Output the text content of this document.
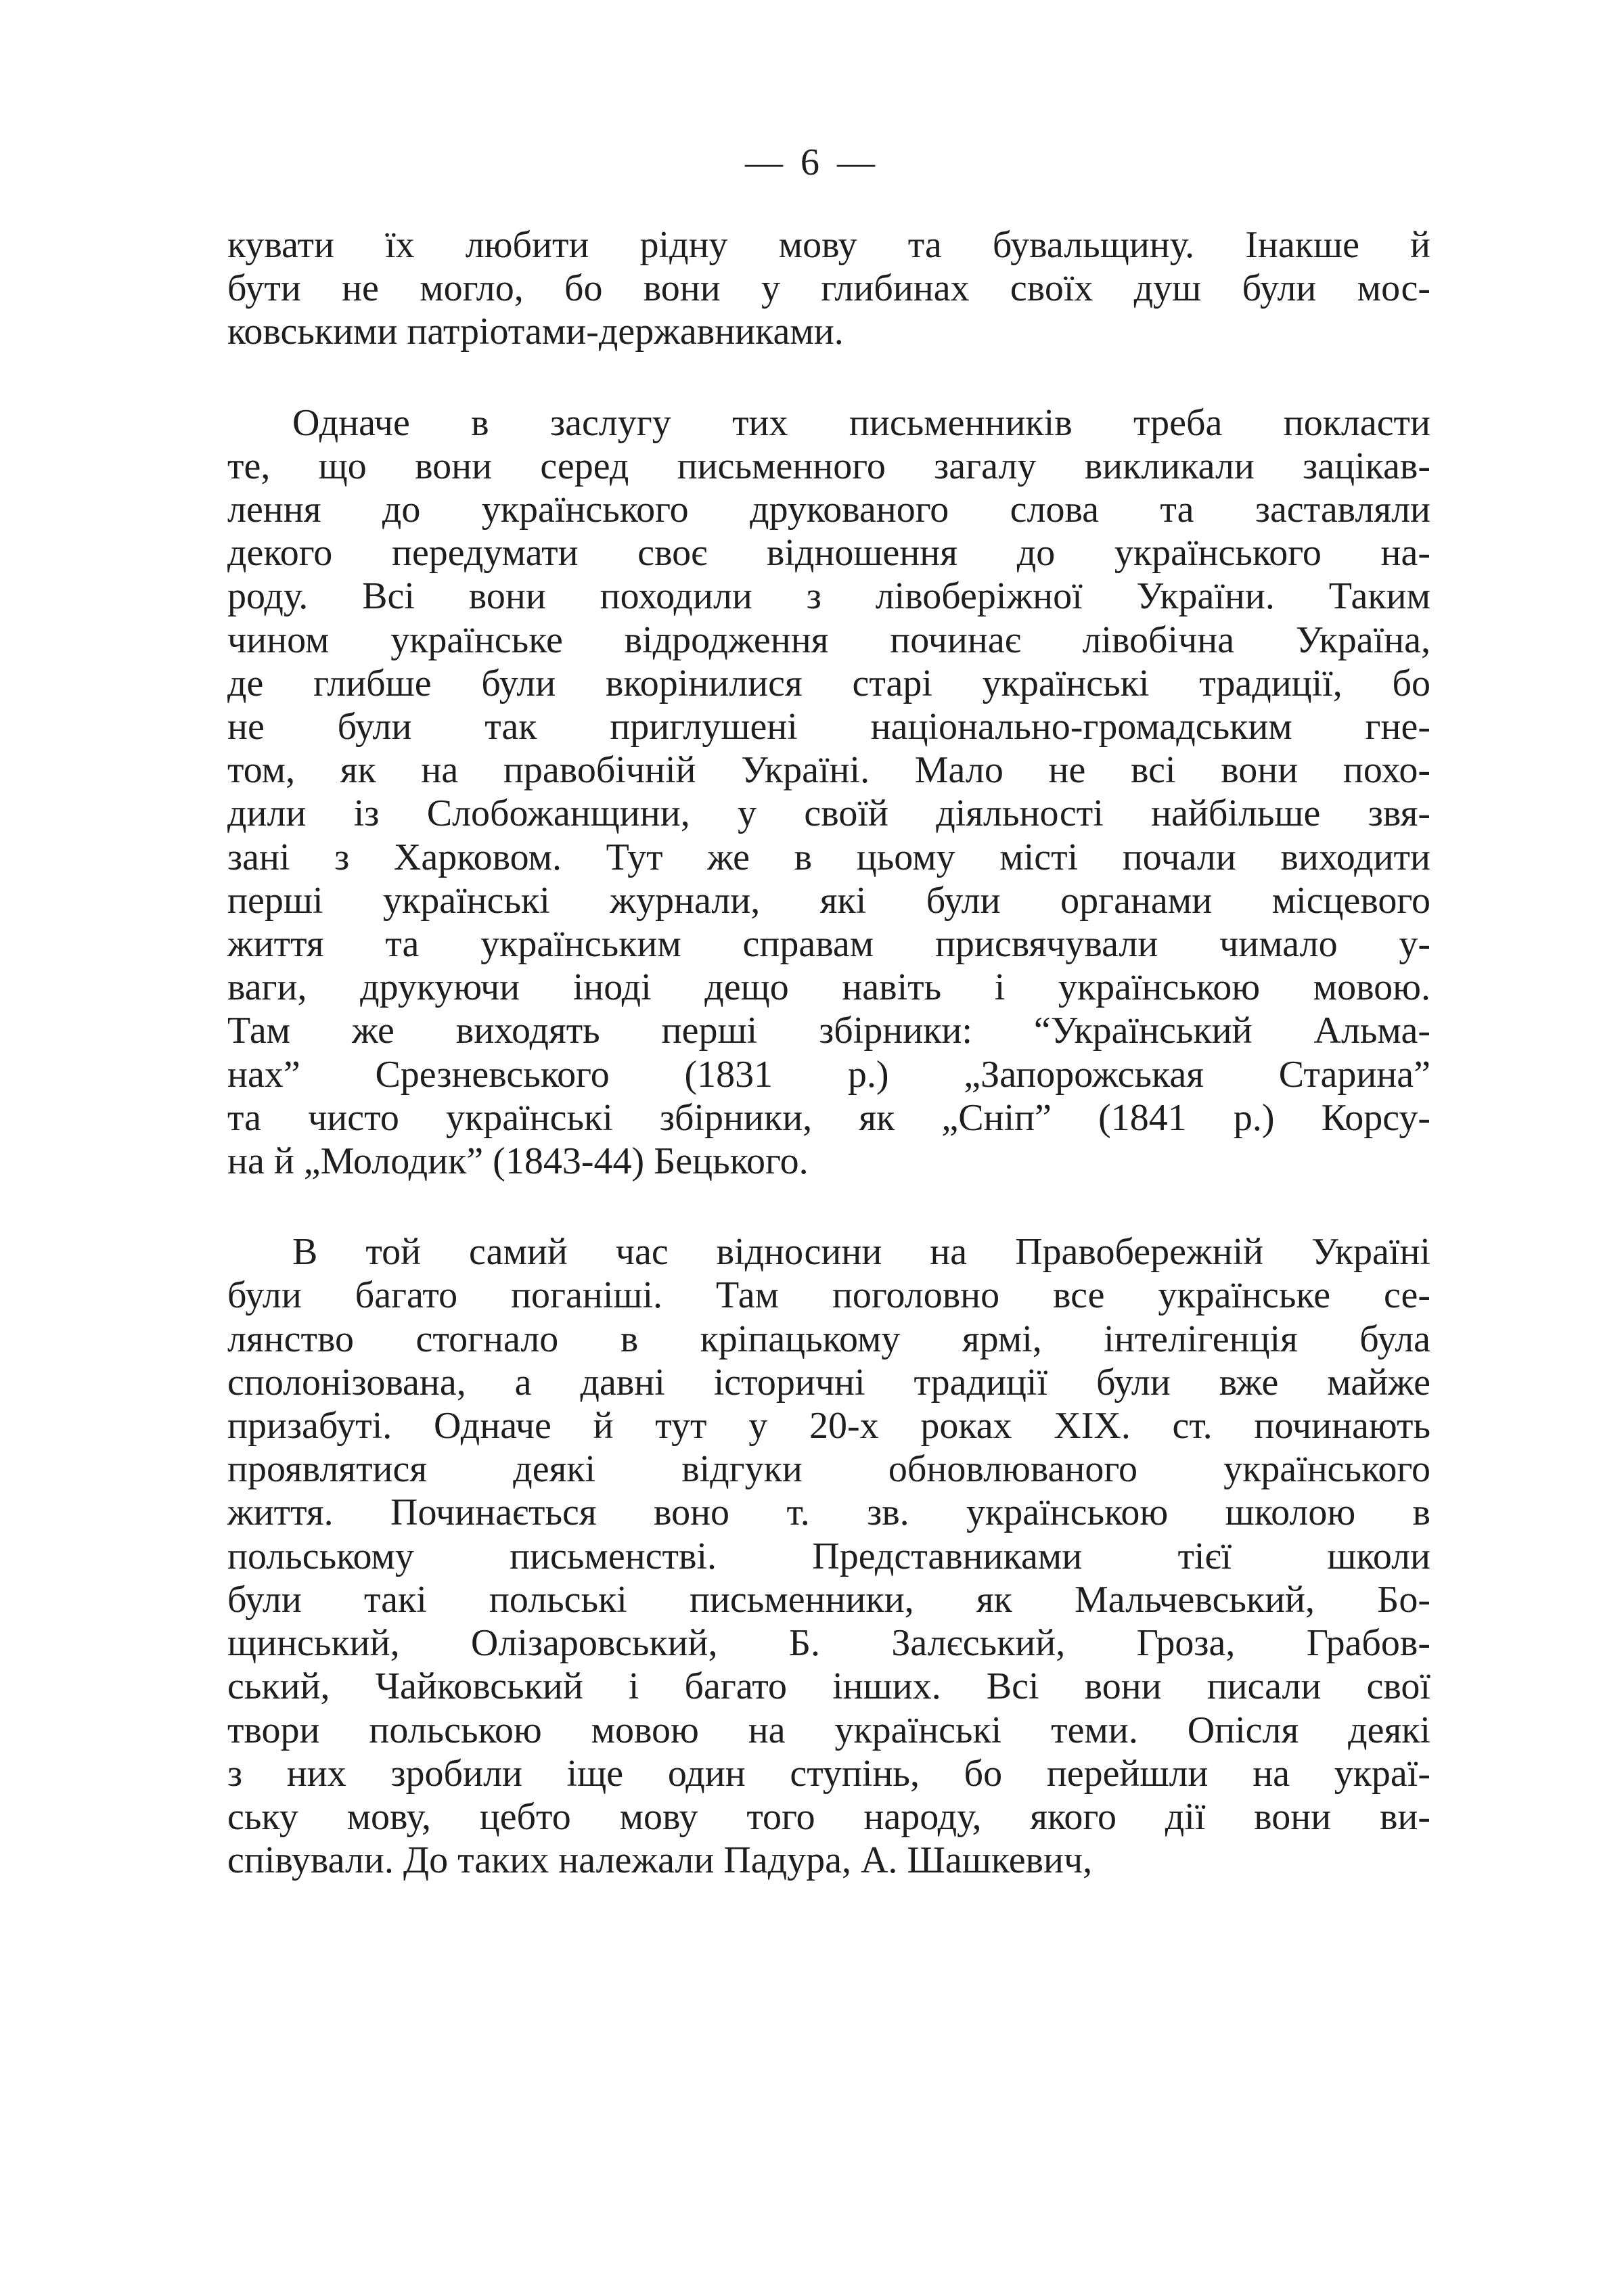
— 6 —

кувати їх любити рідну мову та бувальщину. Інакше й
бути не могло, бо вони у глибинах своїх душ були мос-
ковськими патріотами-державниками.

Одначе в заслугу тих письменників треба покласти
те, що вони серед письменного загалу викликали зацікав-
лення до українського друкованого слова та заставляли
декого передумати своє відношення до українського на-
роду. Всі вони походили з лівоберіжної України. Таким
чином українське відродження починає лівобічна Україна,
де глибше були вкорінилися старі українські традиції, бо
не були так приглушені національно-громадським гне-
том, як на правобічній Україні. Мало не всі вони похо-
дили із Слобожанщини, у своїй діяльності найбільше звя-
зані з Харковом. Тут же в цьому місті почали виходити
перші українські журнали, які були органами місцевого
життя та українським справам присвячували чимало у-
ваги, друкуючи іноді дещо навіть і українською мовою.
Там же виходять перші збірники: “Український Альма-
нах” Срезневського (1831 р.) „Запорожськая Старина”
та чисто українські збірники, як „Сніп” (1841 р.) Корсу-
на й „Молодик” (1843-44) Бецького.

В той самий час відносини на Правобережній Україні
були багато поганіші. Там поголовно все українське се-
лянство стогнало в кріпацькому ярмі, інтелігенція була
сполонізована, а давні історичні традиції були вже майже
призабуті. Одначе й тут у 20-х роках XIX. ст. починають
проявлятися деякі відгуки обновлюваного українського
життя. Починається воно т. зв. українською школою в
польському письменстві. Представниками тієї школи
були такі польські письменники, як Мальчевський, Бо-
щинський, Олізаровський, Б. Залєський, Гроза, Грабов-
ський, Чайковський і багато інших. Всі вони писали свої
твори польською мовою на українські теми. Опісля деякі
з них зробили іще один ступінь, бо перейшли на украї-
ську мову, цебто мову того народу, якого дії вони ви-
співували. До таких належали Падура, А. Шашкевич,
